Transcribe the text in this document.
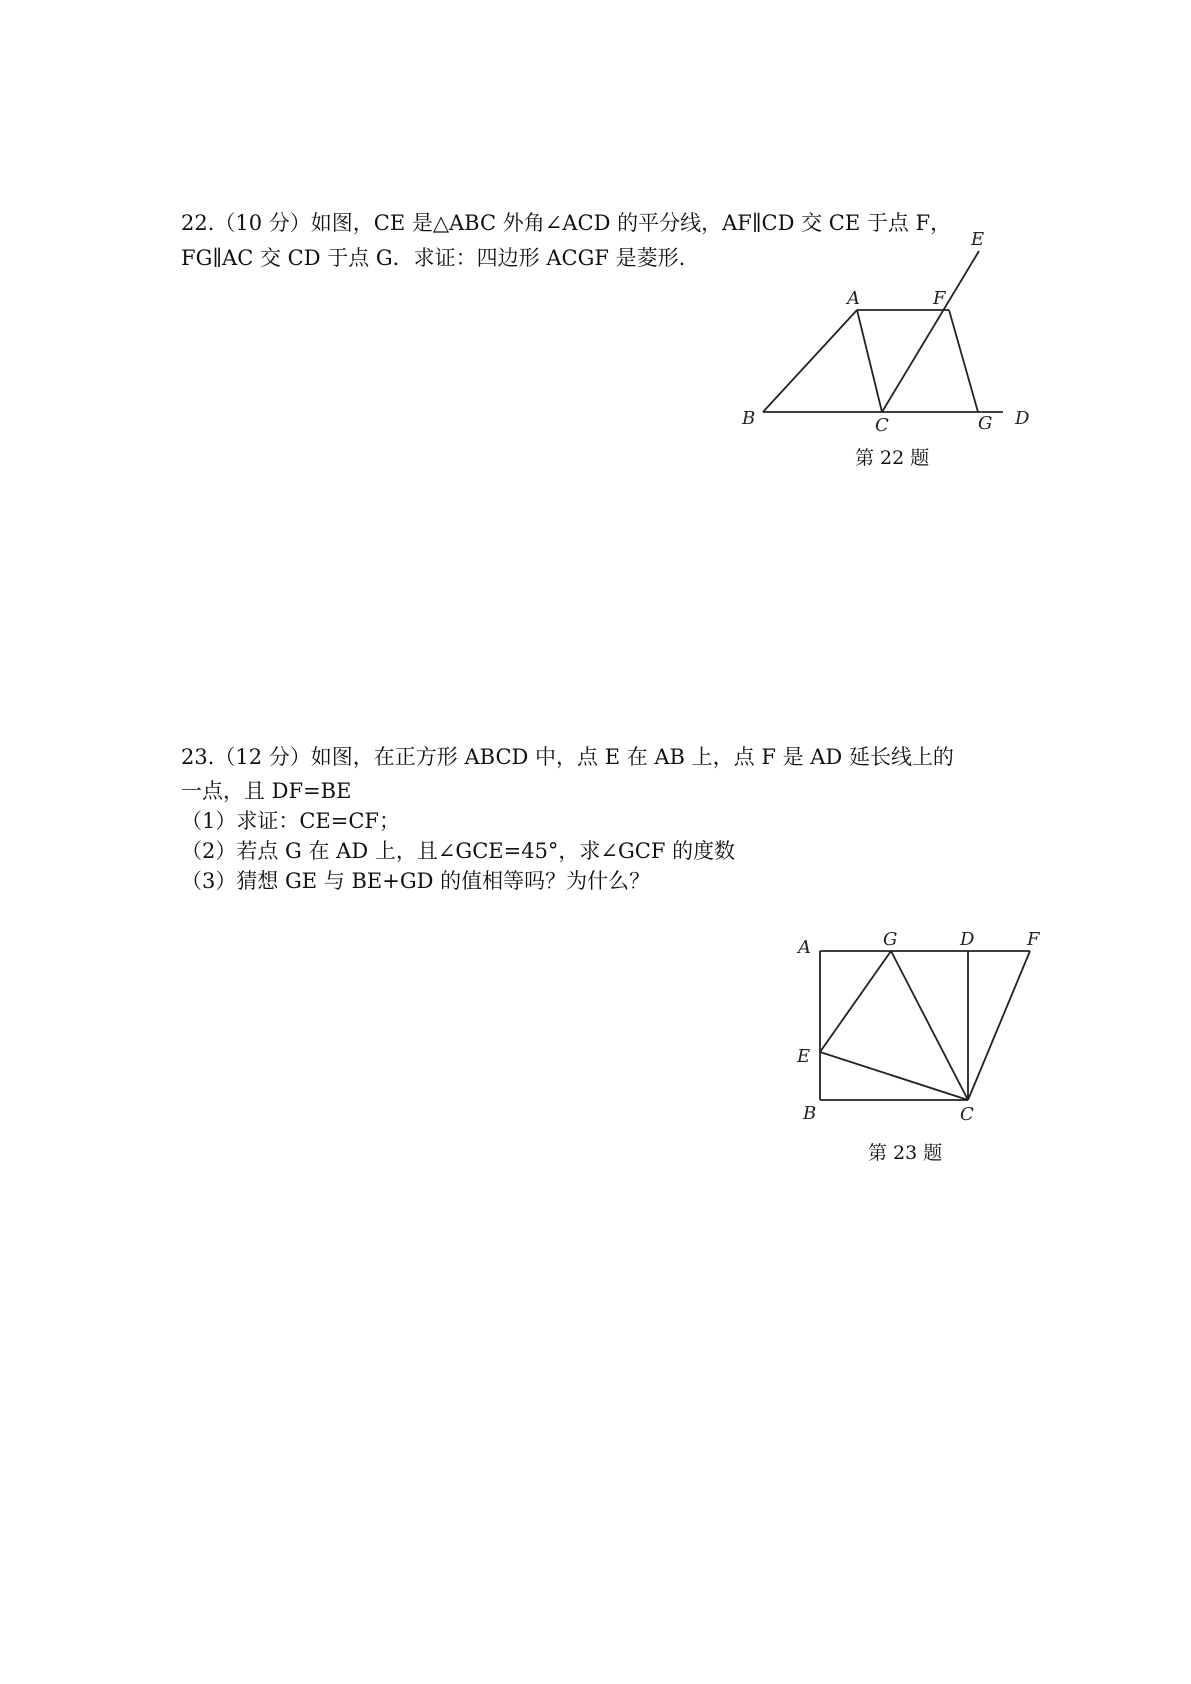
22.（10 分）如图，CE 是△ABC 外角∠ACD 的平分线，AF∥CD 交 CE 于点 F，
FG∥AC 交 CD 于点 G．求证：四边形 ACGF 是菱形.
E
A	F
B	C	G D
第 22 题
23.（12 分）如图，在正方形 ABCD 中，点 E 在 AB 上，点 F 是 AD 延长线上的
一点，且 DF=BE
（1）求证：CE=CF；
（2）若点 G 在 AD 上，且∠GCE=45°，求∠GCF 的度数
（3）猜想 GE 与 BE+GD 的值相等吗？为什么？
A	G	D	F
E
B	C
第 23 题
